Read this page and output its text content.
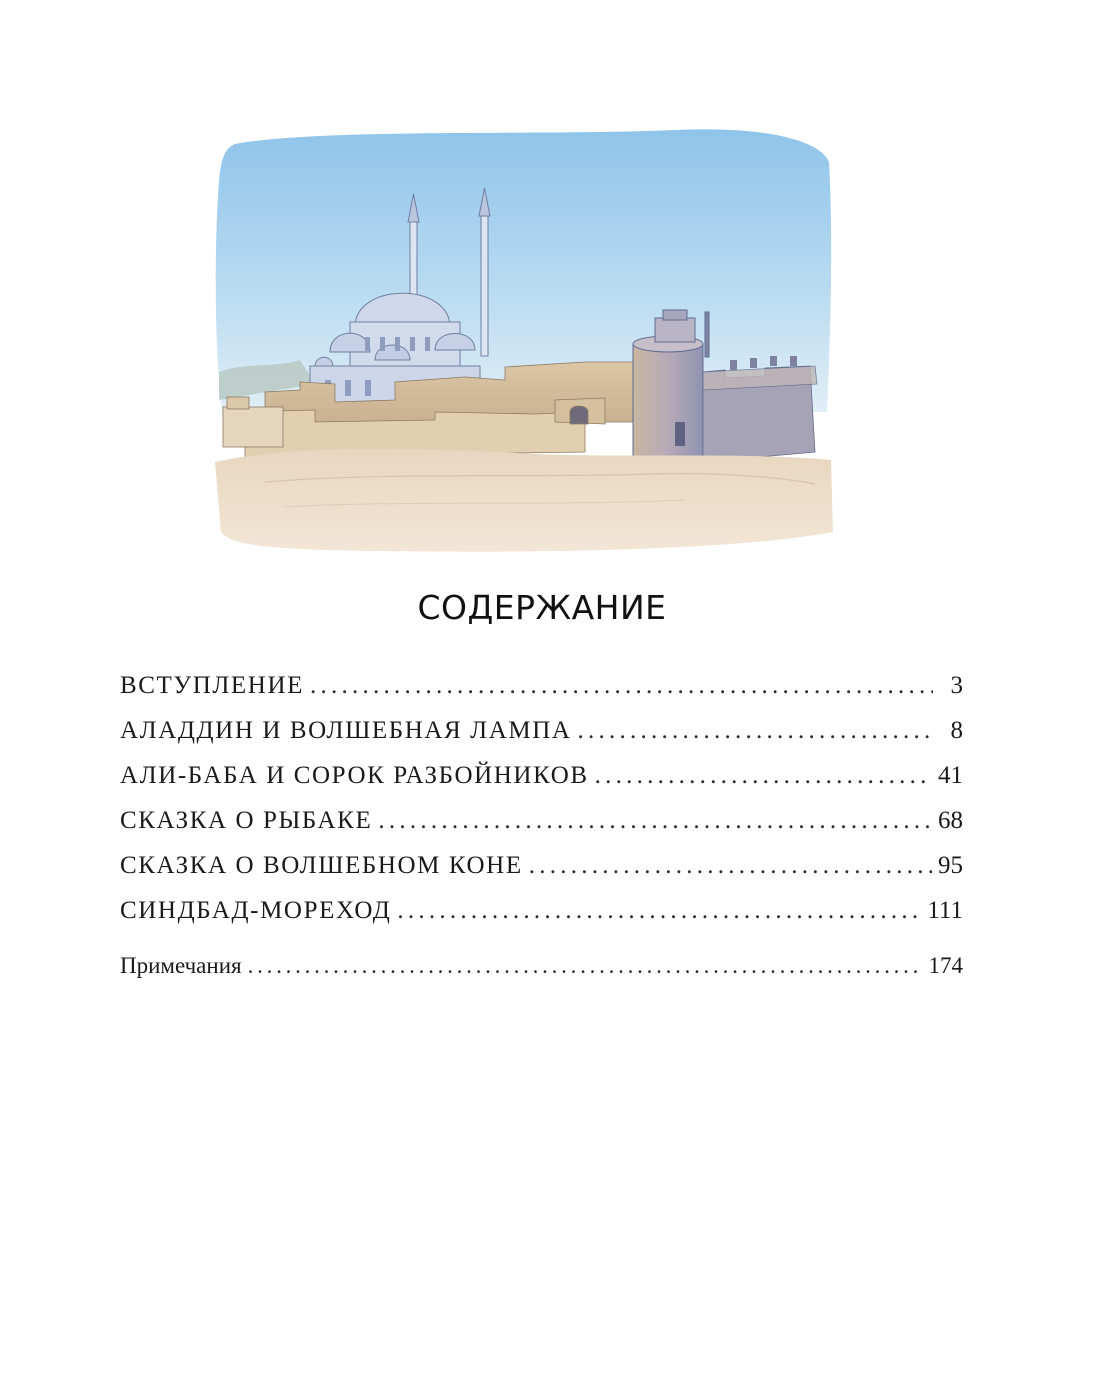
СОДЕРЖАНИЕ
ВСТУПЛЕНИЕ . . .	3
АЛАДДИН И ВОЛШЕБНАЯ ЛАМПА . . .	8
АЛИ-БАБА И СОРОК РАЗБОЙНИКОВ . . .	41
СКАЗКА О РЫБАКЕ . . .	68
СКАЗКА О ВОЛШЕБНОМ КОНЕ . . .	95
СИНДБАД-МОРЕХОД . . .	111
Примечания . . .	174
